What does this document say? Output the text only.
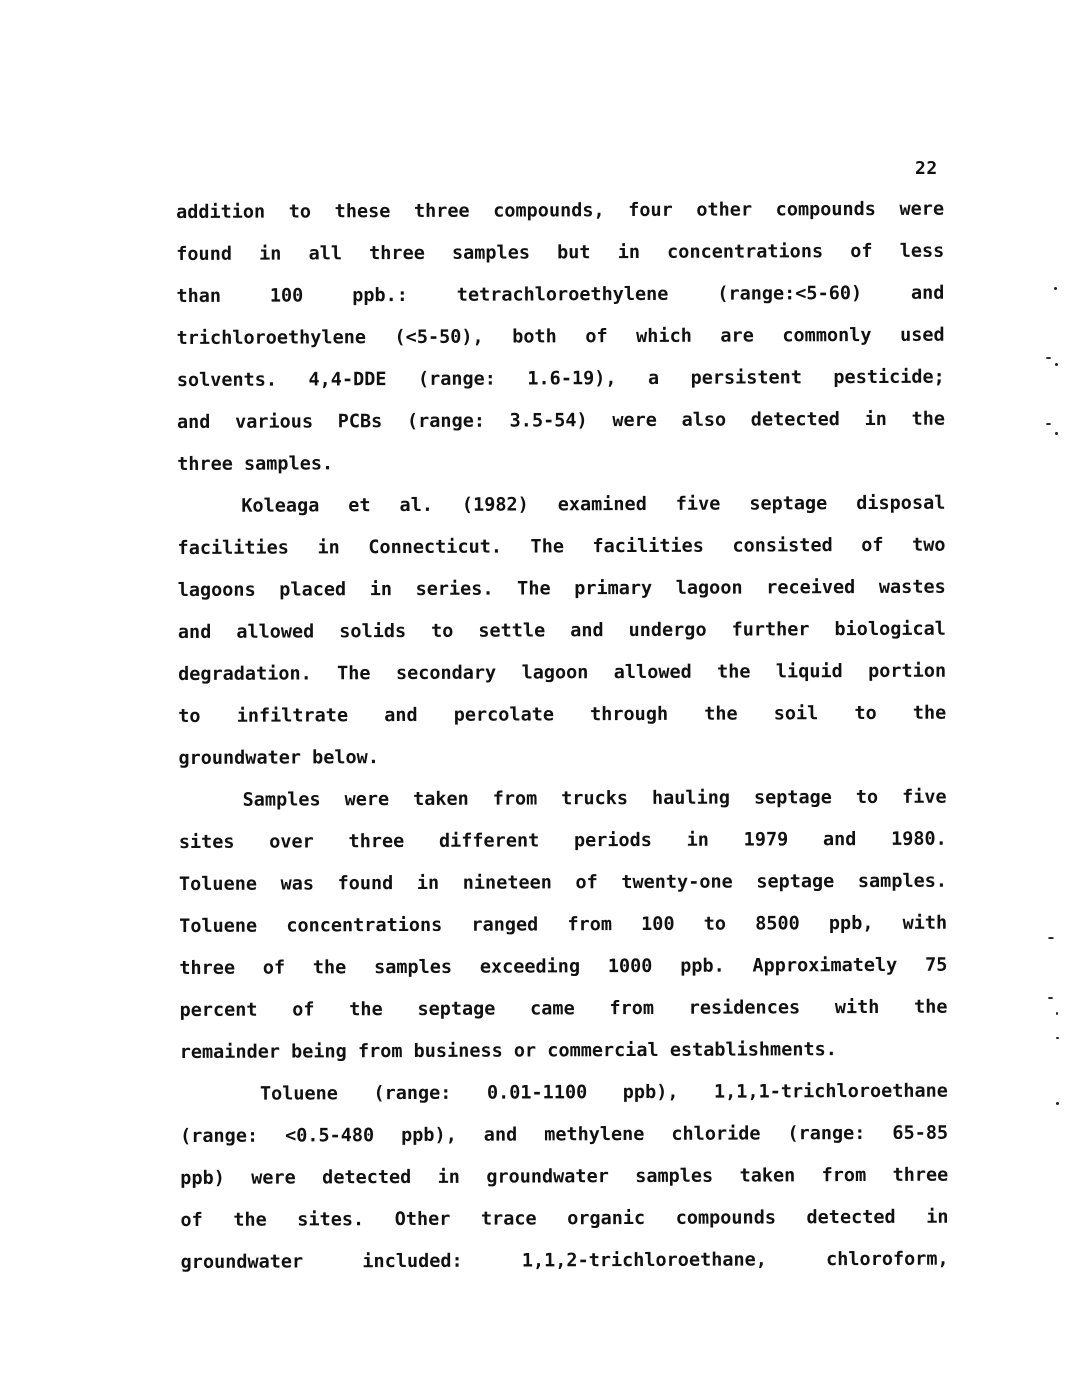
22
addition to these three compounds, four other compounds were
found in all three samples but in concentrations of less
than 100 ppb.: tetrachloroethylene (range:<5-60) and
trichloroethylene (<5-50), both of which are commonly used
solvents. 4,4-DDE (range: 1.6-19), a persistent pesticide;
and various PCBs (range: 3.5-54) were also detected in the
three samples.
Koleaga et al. (1982) examined five septage disposal
facilities in Connecticut. The facilities consisted of two
lagoons placed in series. The primary lagoon received wastes
and allowed solids to settle and undergo further biological
degradation. The secondary lagoon allowed the liquid portion
to infiltrate and percolate through the soil to the
groundwater below.
Samples were taken from trucks hauling septage to five
sites over three different periods in 1979 and 1980.
Toluene was found in nineteen of twenty-one septage samples.
Toluene concentrations ranged from 100 to 8500 ppb, with
three of the samples exceeding 1000 ppb. Approximately 75
percent of the septage came from residences with the
remainder being from business or commercial establishments.
Toluene (range: 0.01-1100 ppb), 1,1,1-trichloroethane
(range: <0.5-480 ppb), and methylene chloride (range: 65-85
ppb) were detected in groundwater samples taken from three
of the sites. Other trace organic compounds detected in
groundwater included: 1,1,2-trichloroethane, chloroform,
